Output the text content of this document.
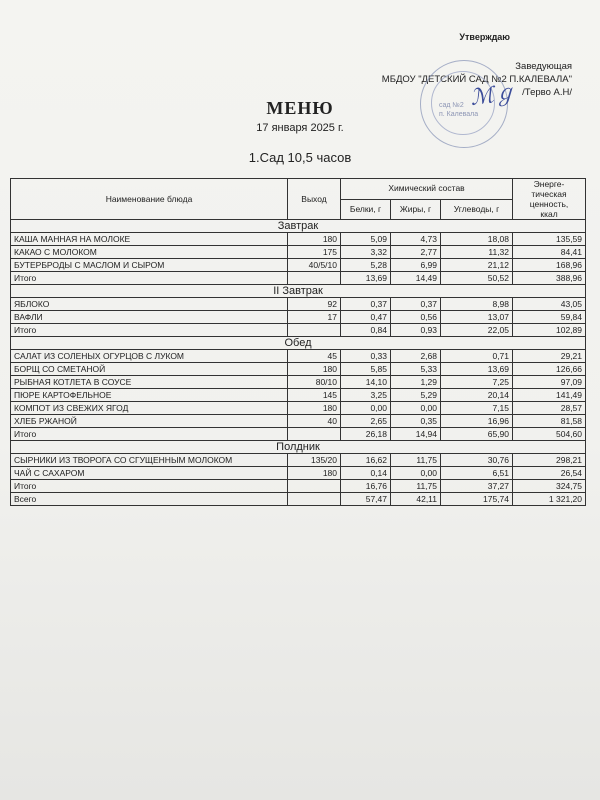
Утверждаю
Заведующая
МБДОУ "ДЕТСКИЙ САД №2 П.КАЛЕВАЛА"
/Терво А.Н/
сад №2
п. Калевала
ℳℊ
МЕНЮ
17 января 2025 г.
1.Сад 10,5 часов
Наименование блюда	Выход	Химический состав			Энерге-
тическая
ценность,
ккал
		Белки, г	Жиры, г	Углеводы, г	
Завтрак					
КАША МАННАЯ НА МОЛОКЕ	180	5,09	4,73	18,08	135,59
КАКАО С МОЛОКОМ	175	3,32	2,77	11,32	84,41
БУТЕРБРОДЫ С МАСЛОМ И СЫРОМ	40/5/10	5,28	6,99	21,12	168,96
Итого		13,69	14,49	50,52	388,96
II Завтрак					
ЯБЛОКО	92	0,37	0,37	8,98	43,05
ВАФЛИ	17	0,47	0,56	13,07	59,84
Итого		0,84	0,93	22,05	102,89
Обед					
САЛАТ ИЗ СОЛЕНЫХ ОГУРЦОВ С ЛУКОМ	45	0,33	2,68	0,71	29,21
БОРЩ СО СМЕТАНОЙ	180	5,85	5,33	13,69	126,66
РЫБНАЯ КОТЛЕТА В СОУСЕ	80/10	14,10	1,29	7,25	97,09
ПЮРЕ КАРТОФЕЛЬНОЕ	145	3,25	5,29	20,14	141,49
КОМПОТ ИЗ СВЕЖИХ ЯГОД	180	0,00	0,00	7,15	28,57
ХЛЕБ РЖАНОЙ	40	2,65	0,35	16,96	81,58
Итого		26,18	14,94	65,90	504,60
Полдник					
СЫРНИКИ ИЗ ТВОРОГА СО СГУЩЕННЫМ МОЛОКОМ	135/20	16,62	11,75	30,76	298,21
ЧАЙ С САХАРОМ	180	0,14	0,00	6,51	26,54
Итого		16,76	11,75	37,27	324,75
Всего		57,47	42,11	175,74	1 321,20
